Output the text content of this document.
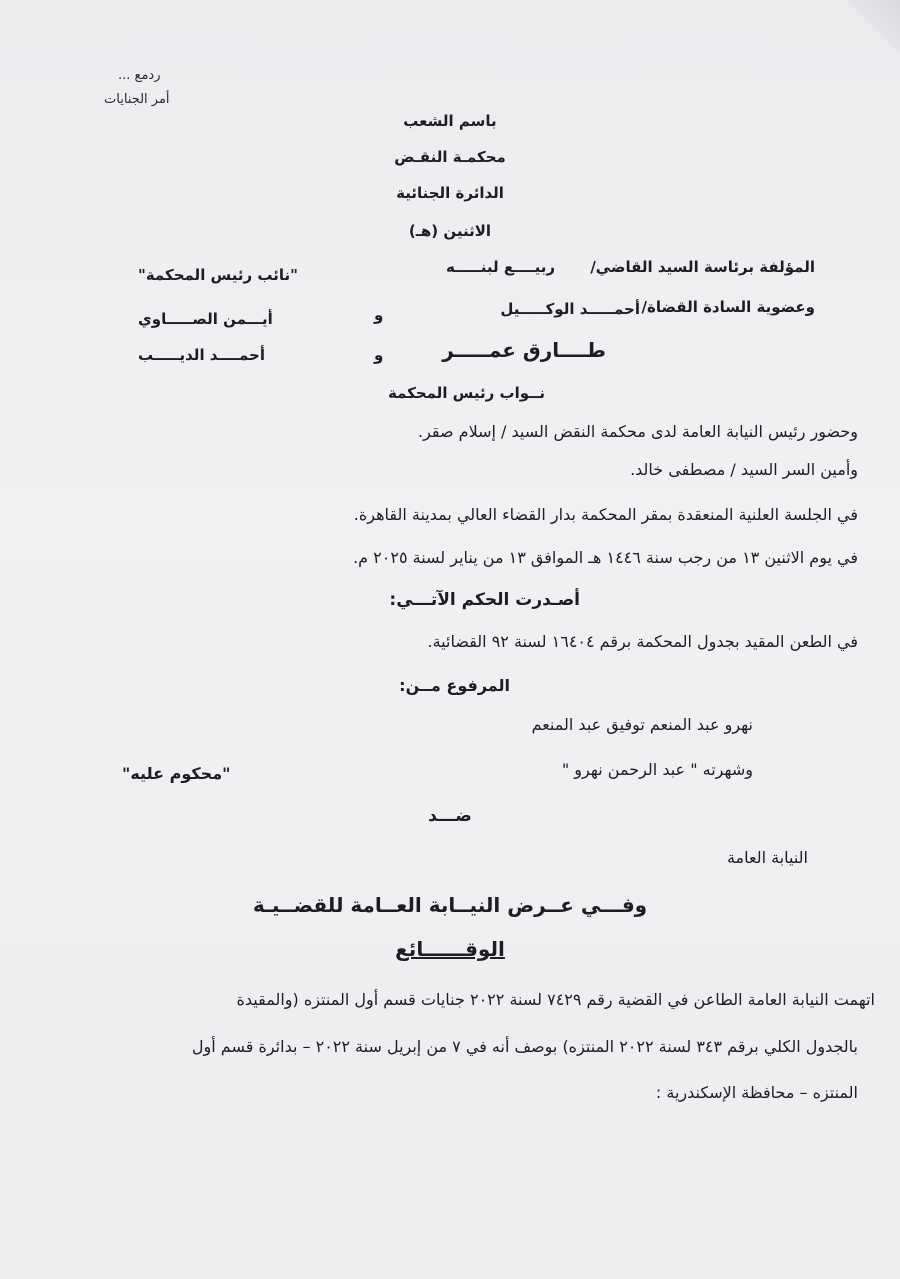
ردمع ...
أمر الجنايات
باسم الشعب
محكمـة النقـض
الدائرة الجنائية
الاثنين (هـ)
المؤلفة برئاسة السيد القاضي/
ربيــــع لبنـــــه
"نائب رئيس المحكمة"
وعضوية السادة القضاة/
أحمـــــد الوكـــــيل
و
أيـــمن الصـــــاوي
طــــارق عمـــــر
و
أحمــــد الديـــــب
نــواب رئيس المحكمة
وحضور رئيس النيابة العامة لدى محكمة النقض السيد / إسلام صقر.
وأمين السر السيد / مصطفى خالد.
في الجلسة العلنية المنعقدة بمقر المحكمة بدار القضاء العالي بمدينة القاهرة.
في يوم الاثنين ١٣ من رجب سنة ١٤٤٦ هـ الموافق ١٣ من يناير لسنة ٢٠٢٥ م.
أصـدرت الحكم الآتـــي:
في الطعن المقيد بجدول المحكمة برقم ١٦٤٠٤ لسنة ٩٢ القضائية.
المرفوع مــن:
نهرو عبد المنعم توفيق عبد المنعم
وشهرته " عبد الرحمن نهرو "
"محكوم عليه"
ضـــد
النيابة العامة
وفـــي عــرض النيــابة العــامة للقضــيـة
الوقــــــائع
اتهمت النيابة العامة الطاعن في القضية رقم ٧٤٢٩ لسنة ٢٠٢٢ جنايات قسم أول المنتزه (والمقيدة
بالجدول الكلي برقم ٣٤٣ لسنة ٢٠٢٢ المنتزه) بوصف أنه في ٧ من إبريل سنة ٢٠٢٢ – بدائرة قسم أول
المنتزه – محافظة الإسكندرية :
